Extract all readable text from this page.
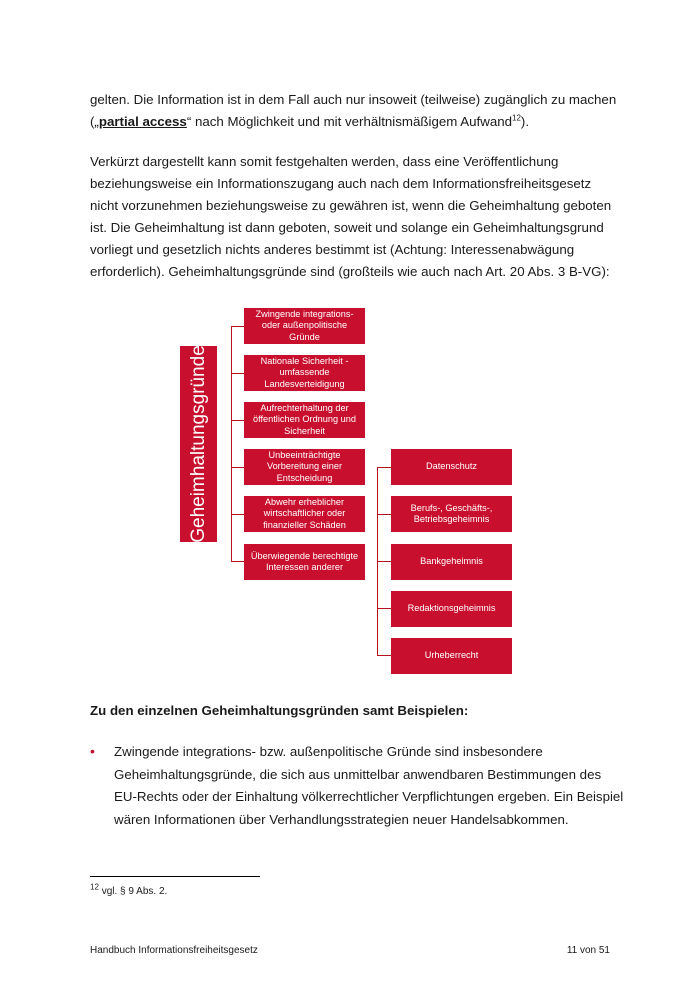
gelten. Die Information ist in dem Fall auch nur insoweit (teilweise) zugänglich zu machen
(„partial access“ nach Möglichkeit und mit verhältnismäßigem Aufwand$^{12}$).

Verkürzt dargestellt kann somit festgehalten werden, dass eine Veröffentlichung beziehungsweise ein Informationszugang auch nach dem Informationsfreiheitsgesetz nicht vorzunehmen beziehungsweise zu gewähren ist, wenn die Geheimhaltung geboten ist. Die Geheimhaltung ist dann geboten, soweit und solange ein Geheimhaltungsgrund vorliegt und gesetzlich nichts anderes bestimmt ist (Achtung: Interessenabwägung erforderlich). Geheimhaltungsgründe sind (großteils wie auch nach Art. 20 Abs. 3 B-VG):

Geheimhaltungsgründe
Zwingende integrations- oder außenpolitische Gründe
Nationale Sicherheit - umfassende Landesverteidigung
Aufrechterhaltung der öffentlichen Ordnung und Sicherheit
Unbeeinträchtigte Vorbereitung einer Entscheidung
Abwehr erheblicher wirtschaftlicher oder finanzieller Schäden
Überwiegende berechtigte Interessen anderer
Datenschutz
Berufs-, Geschäfts-, Betriebsgeheimnis
Bankgeheimnis
Redaktionsgeheimnis
Urheberrecht

Zu den einzelnen Geheimhaltungsgründen samt Beispielen:

• Zwingende integrations- bzw. außenpolitische Gründe sind insbesondere Geheimhaltungsgründe, die sich aus unmittelbar anwendbaren Bestimmungen des EU-Rechts oder der Einhaltung völkerrechtlicher Verpflichtungen ergeben. Ein Beispiel wären Informationen über Verhandlungsstrategien neuer Handelsabkommen.

$^{12}$ vgl. § 9 Abs. 2.
Handbuch Informationsfreiheitsgesetz	11 von 51
